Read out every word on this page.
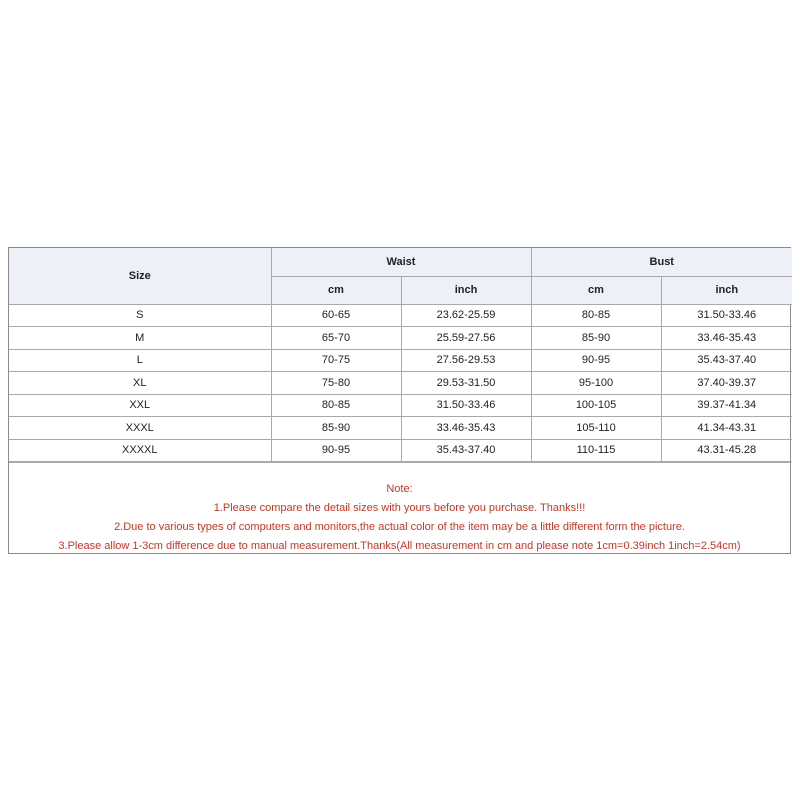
Size	Waist		Bust	
	cm	inch	cm	inch
S	60-65	23.62-25.59	80-85	31.50-33.46
M	65-70	25.59-27.56	85-90	33.46-35.43
L	70-75	27.56-29.53	90-95	35.43-37.40
XL	75-80	29.53-31.50	95-100	37.40-39.37
XXL	80-85	31.50-33.46	100-105	39.37-41.34
XXXL	85-90	33.46-35.43	105-110	41.34-43.31
XXXXL	90-95	35.43-37.40	110-115	43.31-45.28
Note:
1.Please compare the detail sizes with yours before you purchase. Thanks!!!
2.Due to various types of computers and monitors,the actual color of the item may be a little different form the picture.
3.Please allow 1-3cm difference due to manual measurement.Thanks(All measurement in cm and please note 1cm=0.39inch 1inch=2.54cm)
